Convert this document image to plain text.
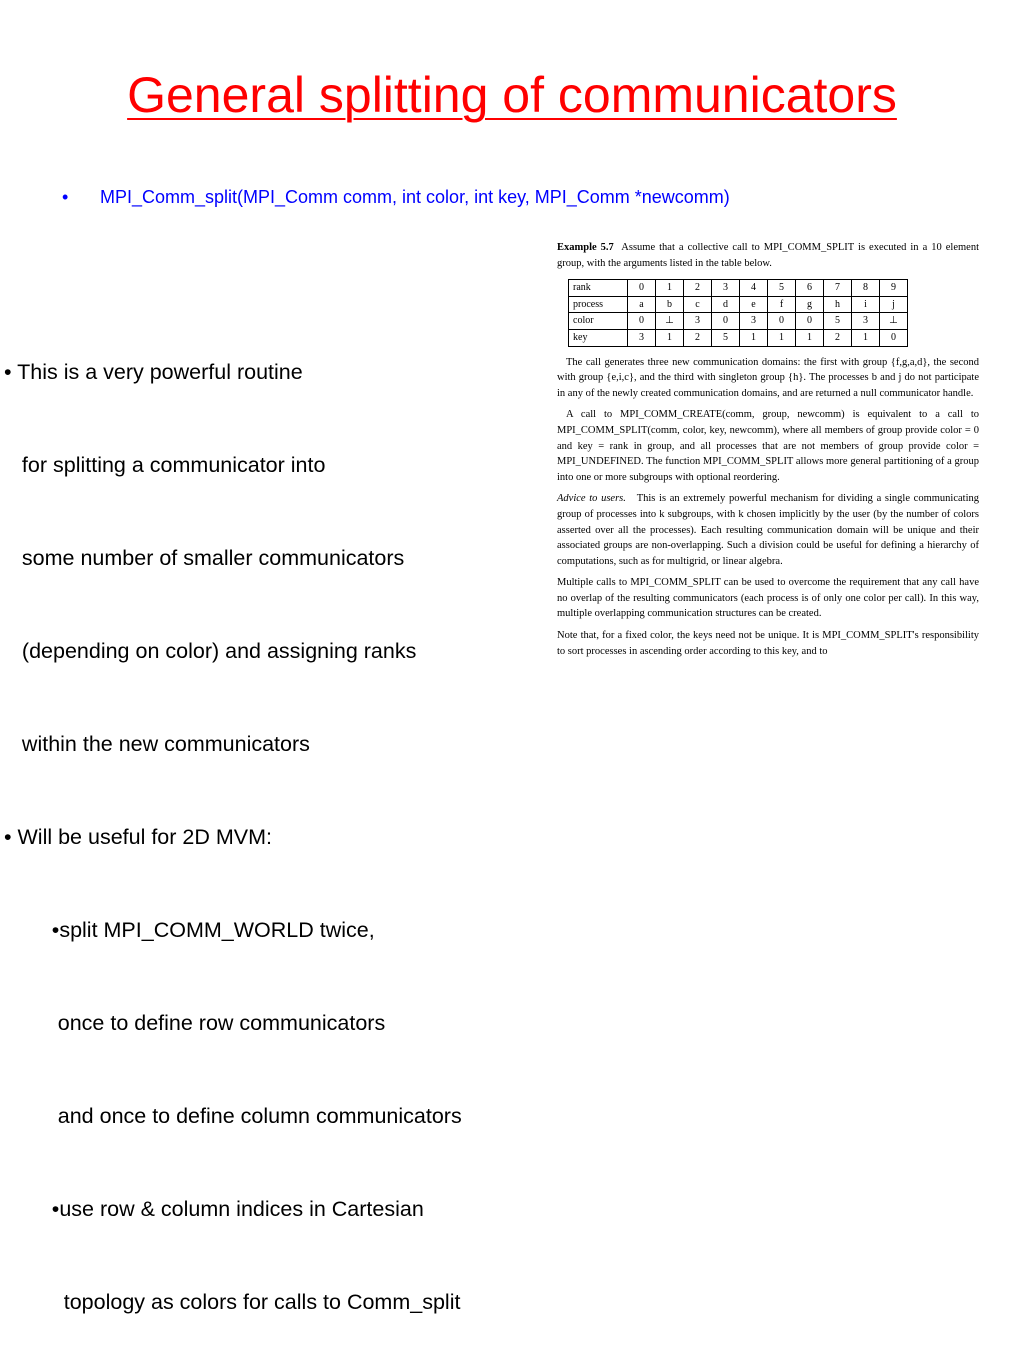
General splitting of communicators
• MPI_Comm_split(MPI_Comm comm, int color, int key, MPI_Comm *newcomm)

• This is a very powerful routine

for splitting a communicator into

some number of smaller communicators

(depending on color) and assigning ranks

within the new communicators

• Will be useful for 2D MVM:

•split MPI_COMM_WORLD twice,

once to define row communicators

and once to define column communicators

•use row & column indices in Cartesian

topology as colors for calls to Comm_split

Example 5.7 Assume that a collective call to MPI_COMM_SPLIT is executed in a 10 element group, with the arguments listed in the table below.

rank	0	1	2	3	4	5	6	7	8	9
process	a	b	c	d	e	f	g	h	i	j
color	0	⊥	3	0	3	0	0	5	3	⊥
key	3	1	2	5	1	1	1	2	1	0

The call generates three new communication domains: the first with group {f,g,a,d}, the second with group {e,i,c}, and the third with singleton group {h}. The processes b and j do not participate in any of the newly created communication domains, and are returned a null communicator handle.

A call to MPI_COMM_CREATE(comm, group, newcomm) is equivalent to a call to MPI_COMM_SPLIT(comm, color, key, newcomm), where all members of group provide color = 0 and key = rank in group, and all processes that are not members of group provide color = MPI_UNDEFINED. The function MPI_COMM_SPLIT allows more general partitioning of a group into one or more subgroups with optional reordering.

Advice to users. This is an extremely powerful mechanism for dividing a single communicating group of processes into k subgroups, with k chosen implicitly by the user (by the number of colors asserted over all the processes). Each resulting communication domain will be unique and their associated groups are non-overlapping. Such a division could be useful for defining a hierarchy of computations, such as for multigrid, or linear algebra.

Multiple calls to MPI_COMM_SPLIT can be used to overcome the requirement that any call have no overlap of the resulting communicators (each process is of only one color per call). In this way, multiple overlapping communication structures can be created.

Note that, for a fixed color, the keys need not be unique. It is MPI_COMM_SPLIT's responsibility to sort processes in ascending order according to this key, and to
